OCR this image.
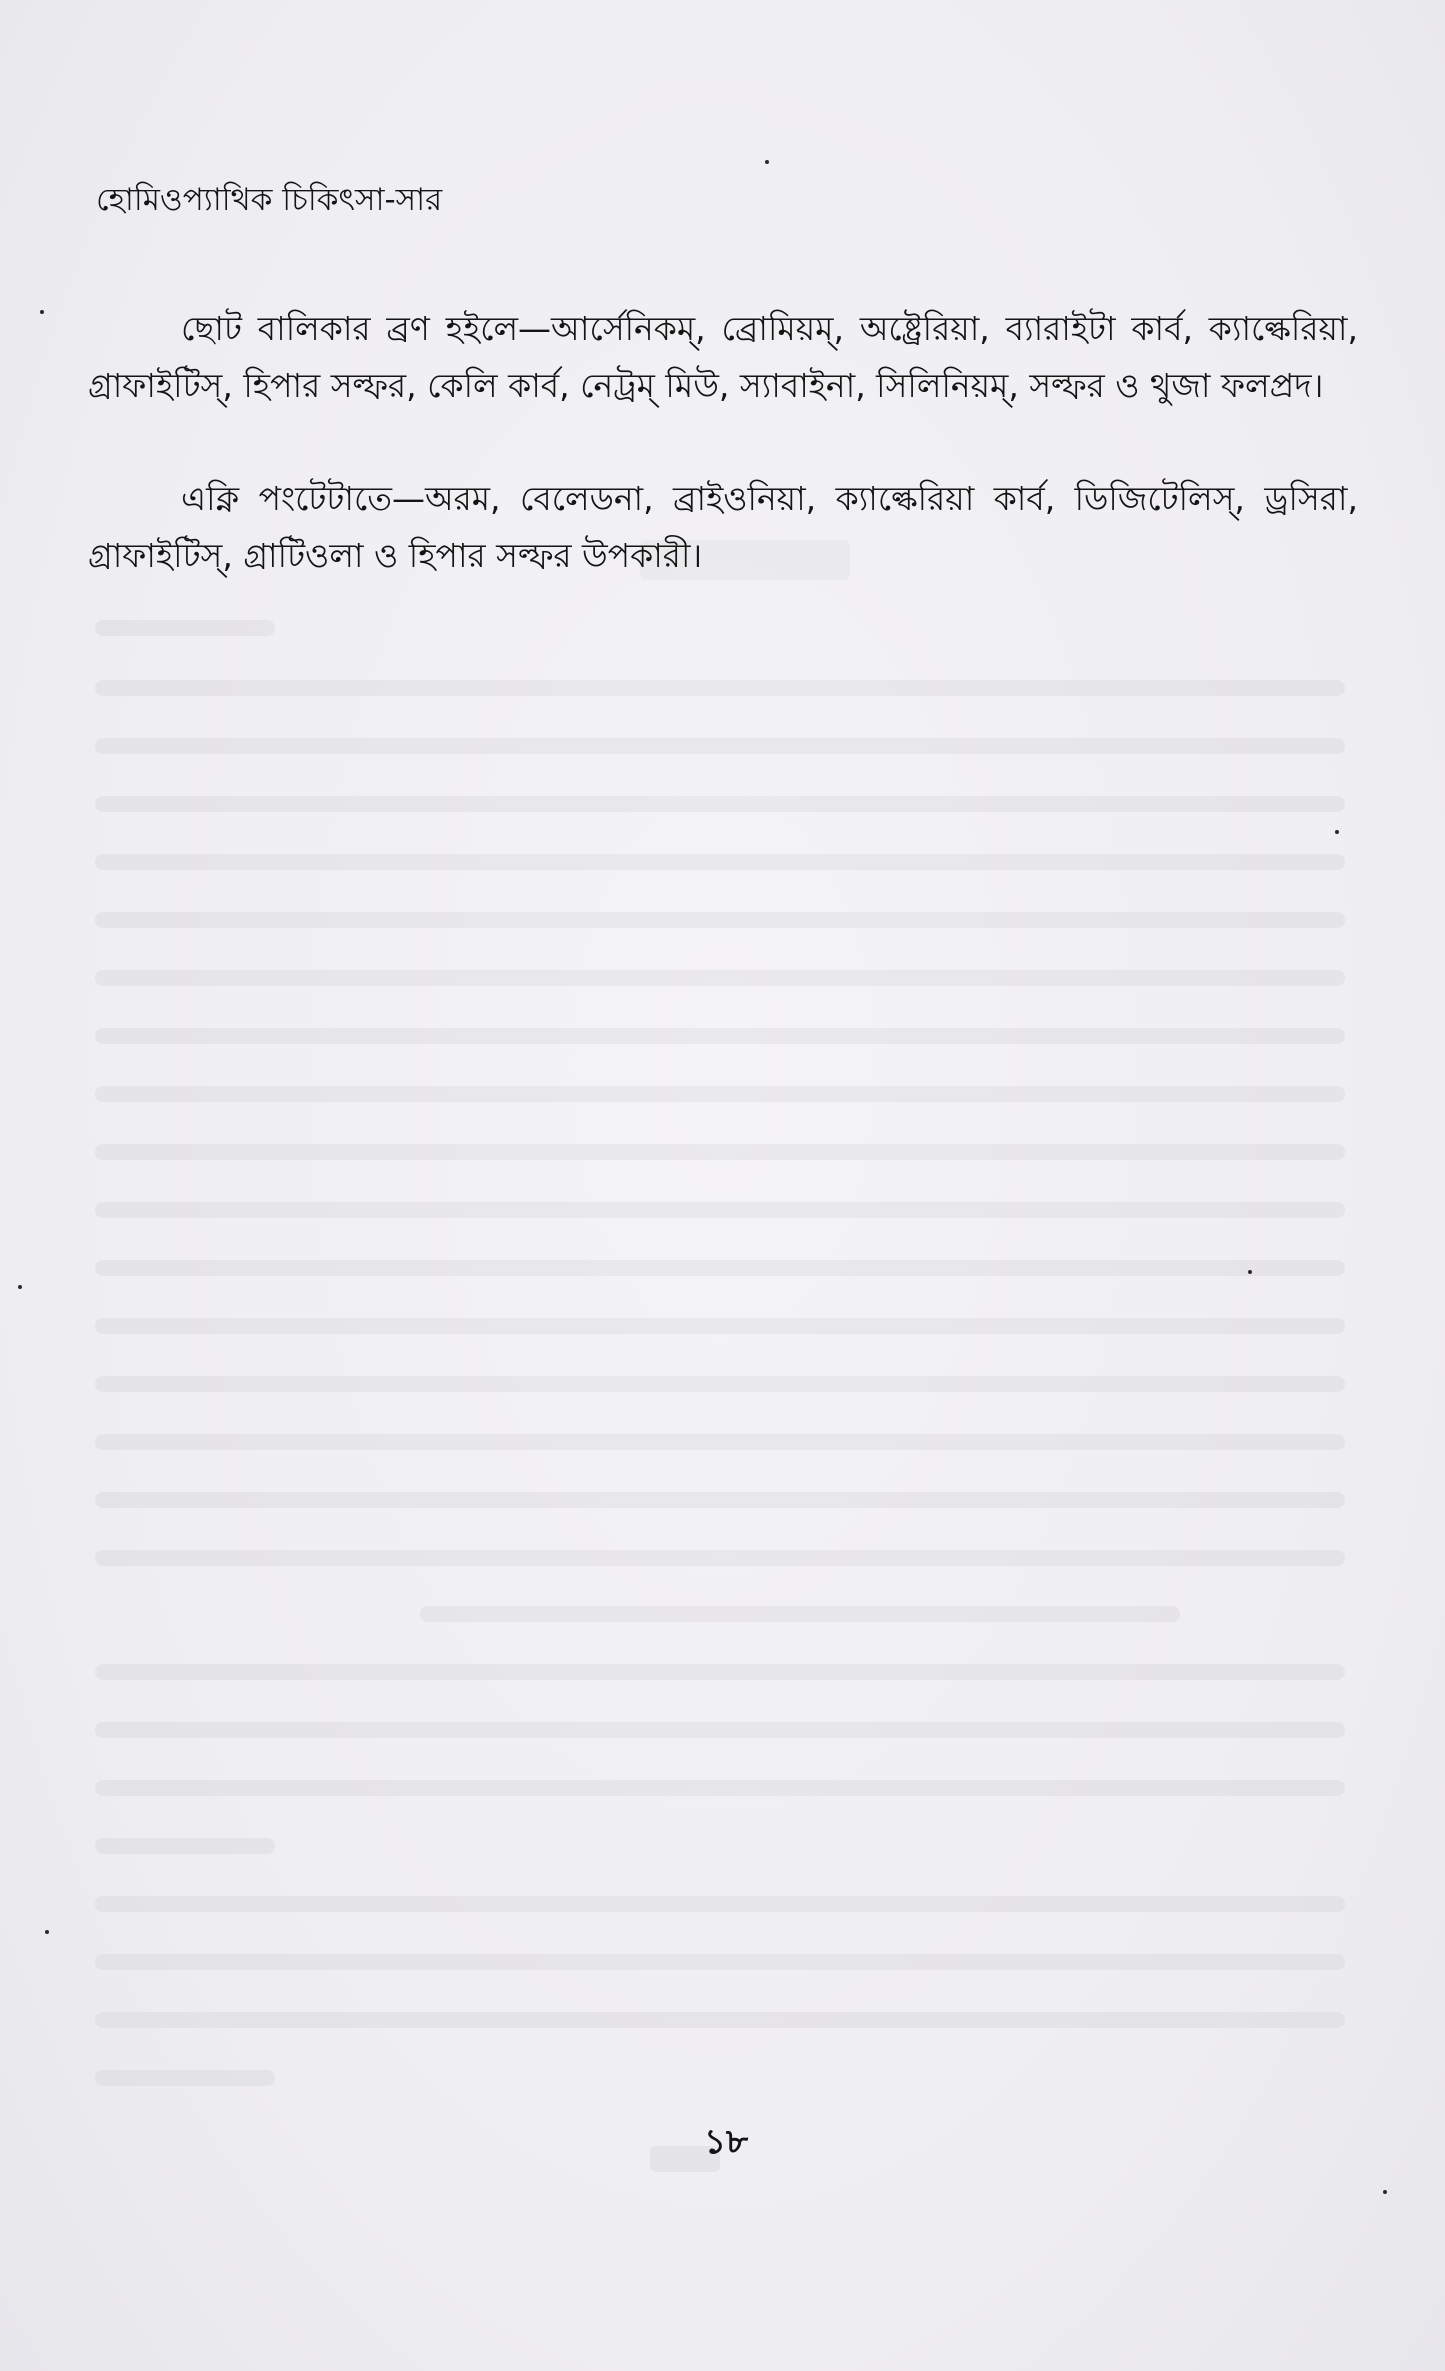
হোমিওপ্যাথিক চিকিৎসা-সার

ছোট বালিকার ব্রণ হইলে—আর্সেনিকম্, ব্রোমিয়ম্, অষ্ট্রেরিয়া, ব্যারাইটা কার্ব, ক্যাল্কেরিয়া, গ্রাফাইটিস্, হিপার সল্ফর, কেলি কার্ব, নেট্রম্ মিউ, স্যাবাইনা, সিলিনিয়ম্, সল্ফর ও থুজা ফলপ্রদ।

এক্নি পংটেটাতে—অরম, বেলেডনা, ব্রাইওনিয়া, ক্যাল্কেরিয়া কার্ব, ডিজিটেলিস্, ড্রসিরা, গ্রাফাইটিস্, গ্রাটিওলা ও হিপার সল্ফর উপকারী।

১৮
